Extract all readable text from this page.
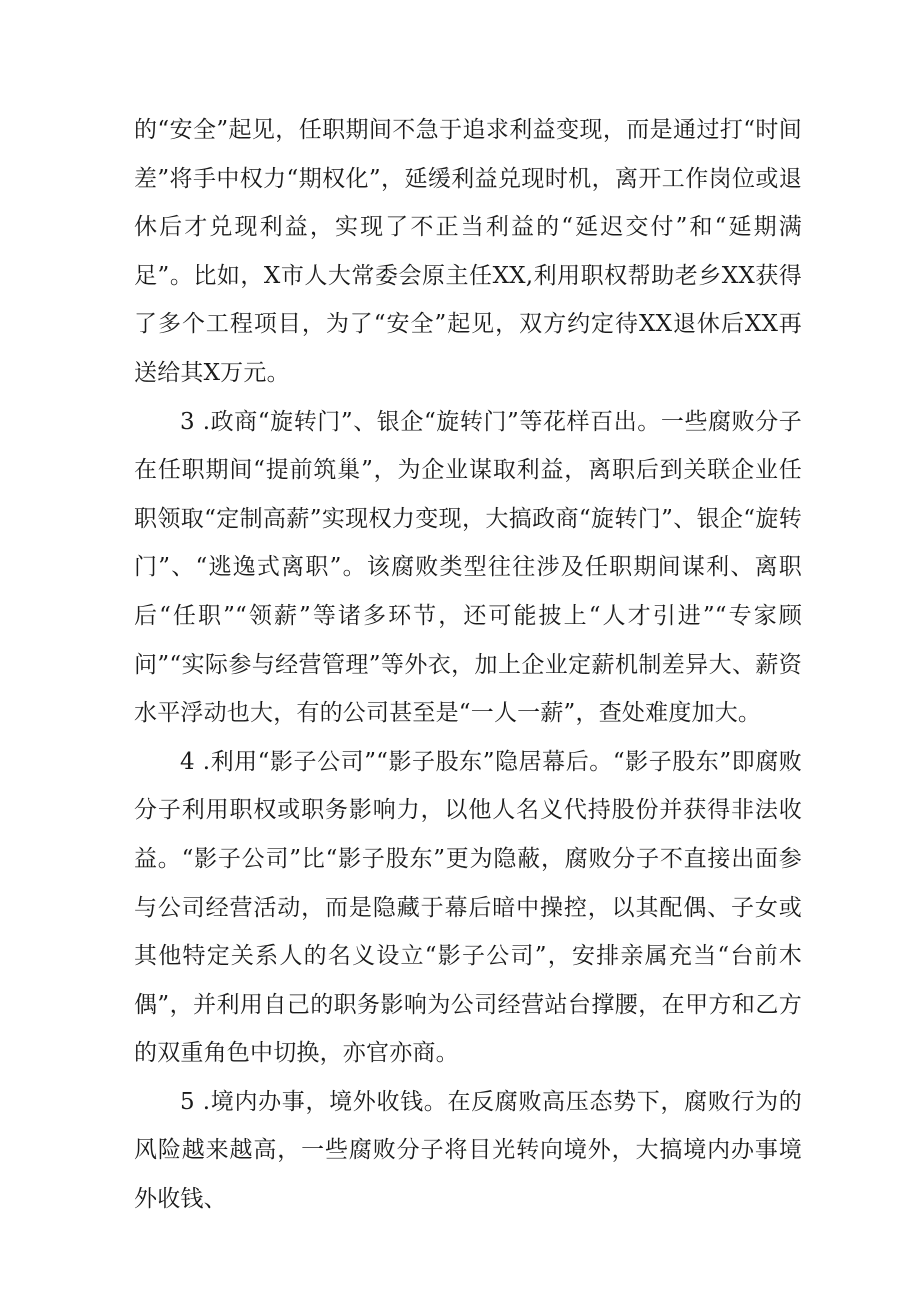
的“安全”起见，任职期间不急于追求利益变现，而是通过打“时间差”将手中权力“期权化”，延缓利益兑现时机，离开工作岗位或退休后才兑现利益，实现了不正当利益的“延迟交付”和“延期满足”。比如，X市人大常委会原主任XX,利用职权帮助老乡XX获得了多个工程项目，为了“安全”起见，双方约定待XX退休后XX再送给其X万元。

3 .政商“旋转门”、银企“旋转门”等花样百出。一些腐败分子在任职期间“提前筑巢”，为企业谋取利益，离职后到关联企业任职领取“定制高薪”实现权力变现，大搞政商“旋转门”、银企“旋转门”、“逃逸式离职”。该腐败类型往往涉及任职期间谋利、离职后“任职”“领薪”等诸多环节，还可能披上“人才引进”“专家顾问”“实际参与经营管理”等外衣，加上企业定薪机制差异大、薪资水平浮动也大，有的公司甚至是“一人一薪”，查处难度加大。

4 .利用“影子公司”“影子股东”隐居幕后。“影子股东”即腐败分子利用职权或职务影响力，以他人名义代持股份并获得非法收益。“影子公司”比“影子股东”更为隐蔽，腐败分子不直接出面参与公司经营活动，而是隐藏于幕后暗中操控，以其配偶、子女或其他特定关系人的名义设立“影子公司”，安排亲属充当“台前木偶”，并利用自己的职务影响为公司经营站台撑腰，在甲方和乙方的双重角色中切换，亦官亦商。

5 .境内办事，境外收钱。在反腐败高压态势下，腐败行为的风险越来越高，一些腐败分子将目光转向境外，大搞境内办事境外收钱、
